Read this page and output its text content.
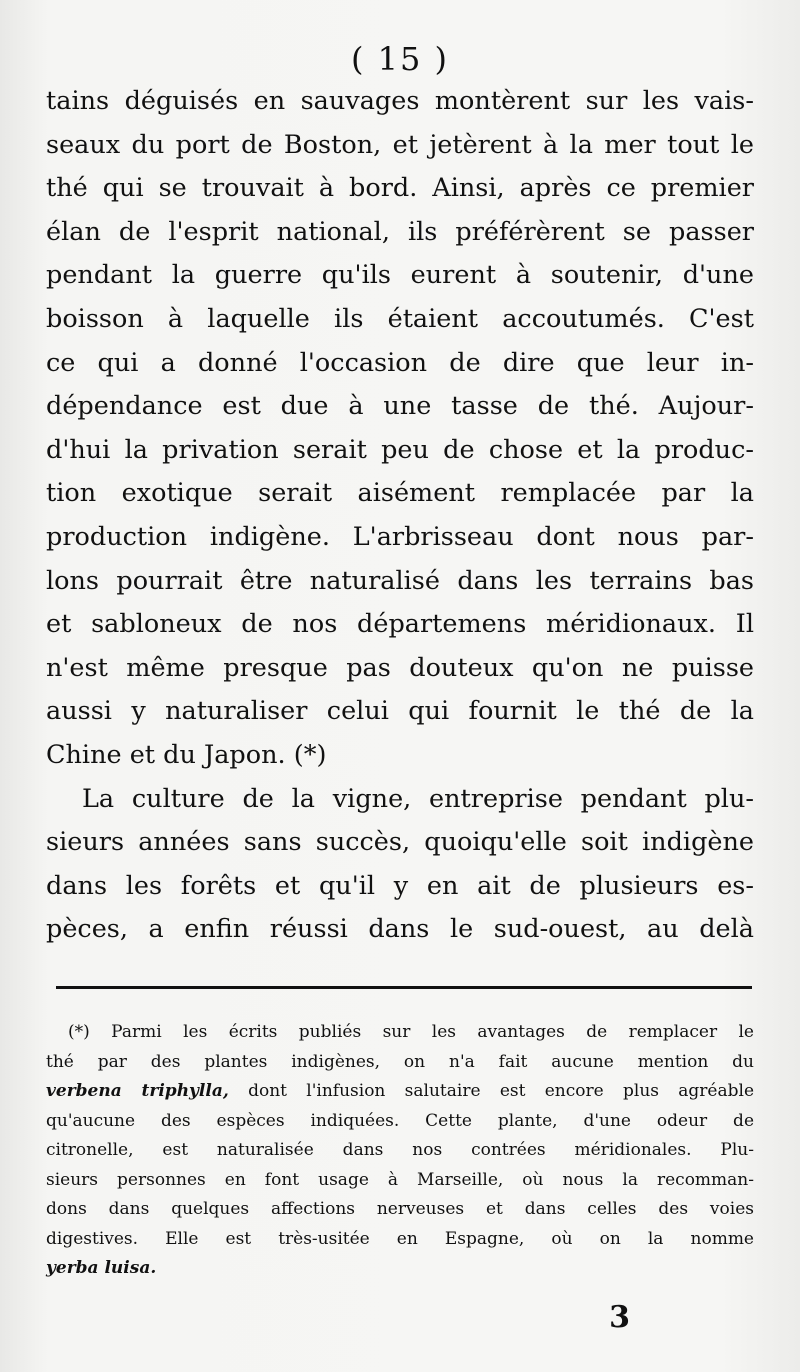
( 15 )
tains déguisés en sauvages montèrent sur les vais-
seaux du port de Boston, et jetèrent à la mer tout le
thé qui se trouvait à bord. Ainsi, après ce premier
élan de l'esprit national, ils préférèrent se passer
pendant la guerre qu'ils eurent à soutenir, d'une
boisson à laquelle ils étaient accoutumés. C'est
ce qui a donné l'occasion de dire que leur in-
dépendance est due à une tasse de thé. Aujour-
d'hui la privation serait peu de chose et la produc-
tion exotique serait aisément remplacée par la
production indigène. L'arbrisseau dont nous par-
lons pourrait être naturalisé dans les terrains bas
et sabloneux de nos départemens méridionaux. Il
n'est même presque pas douteux qu'on ne puisse
aussi y naturaliser celui qui fournit le thé de la
Chine et du Japon. (*)
La culture de la vigne, entreprise pendant plu-
sieurs années sans succès, quoiqu'elle soit indigène
dans les forêts et qu'il y en ait de plusieurs es-
pèces, a enfin réussi dans le sud-ouest, au delà
(*) Parmi les écrits publiés sur les avantages de remplacer le
thé par des plantes indigènes, on n'a fait aucune mention du
verbena triphylla, dont l'infusion salutaire est encore plus agréable
qu'aucune des espèces indiquées. Cette plante, d'une odeur de
citronelle, est naturalisée dans nos contrées méridionales. Plu-
sieurs personnes en font usage à Marseille, où nous la recomman-
dons dans quelques affections nerveuses et dans celles des voies
digestives. Elle est très-usitée en Espagne, où on la nomme
yerba luisa.
3
